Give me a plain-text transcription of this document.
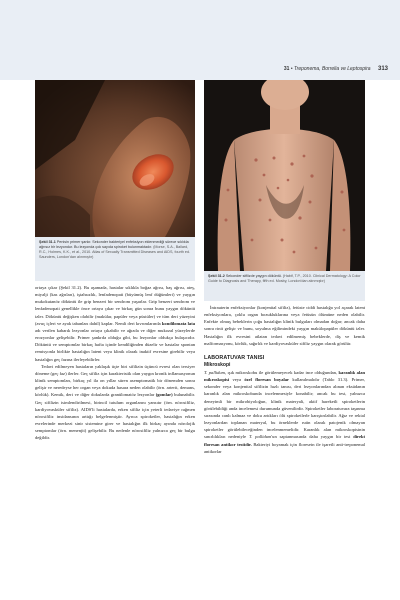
31 • Treponema, Borrelia ve Leptospira 313
Şekil 31.1 Penisin primer şankr. Sekonder bakteriyel enfeksiyon eklenmediği sürece sıklıkla ağrısız bir lezyondur. Bu lezyonda çok sayıda spiroket bulunmaktadır. (Morse, S.A., Ballard, R.C., Holmes, K.K., et al., 2010. Atlas of Sexually Transmitted Diseases and AIDS, fourth ed. Saunders, London'dan alınmıştır)
Şekil 31.2 Sekonder sifilizde yaygın döküntü. (Habif, T.P., 2010. Clinical Dermatology: A Color Guide to Diagnosis and Therapy, fifth ed. Mosby, London'dan alınmıştır)

ortaya çıkar (Şekil 31.2). Bu aşamada, hastalar sıklıkla boğaz ağrısı, baş ağrısı, ateş, miyalji (kas ağrıları), iştahsızlık, lenfadenopati (büyümüş lenf düğümleri) ve yaygın mukokutanöz döküntü ile grip benzeri bir sendrom yaşarlar. Grip benzeri sendrom ve lenfadenopati genellikle önce ortaya çıkar ve birkaç gün sonra bunu yaygın döküntü izler. Döküntü değişken olabilir (makülar, papüler veya püstüler) ve tüm deri yüzeyini (avuç içleri ve ayak tabanları dahil) kaplar. Nemli deri kıvrımlarında kondilomata lata adı verilen kabarık lezyonlar ortaya çıkabilir ve ağızda ve diğer mukozal yüzeylerde erozyonlar gelişebilir. Primer şankrda olduğu gibi, bu lezyonlar oldukça bulaşıcıdır. Döküntü ve semptomlar birkaç hafta içinde kendiliğinden düzelir ve hastalar spontan remisyonla birlikte hastalığın latent veya klinik olarak inaktif evresine girebilir veya hastalığın geç fazına ilerleyebilirler.

Tedavi edilmeyen hastaların yaklaşık üçte biri sifilizin üçüncü evresi olan tersiyer döneme (geç faz) ilerler. Geç sifiliz için karakteristik olan yaygın kronik inflamasyonun klinik semptomları, birkaç yıl ila on yıllar süren asemptomatik bir dönemden sonra gelişir ve neredeyse her organ veya dokuda hasara neden olabilir (örn. arterit, demans, körlük). Kemik, deri ve diğer dokularda granülomatöz lezyonlar (gomlar) bulunabilir. Geç sifilizin isimlendirilmesi, birincil tutulum organlarını yansıtır (örn. nörosifiliz, kardiyovasküler sifiliz). AIDS'li hastalarda, erken sifiliz için yeterli tedaviye rağmen nörosifiliz insidansının arttığı belgelenmiştir. Ayrıca spiroketler, hastalığın erken evrelerinde merkezi sinir sistemine girer ve hastalığın ilk birkaç ayında nörolojik semptomlar (örn. menenjit) gelişebilir. Bu nedenle nörosifiliz yalnızca geç bir bulgu değildir.

İntrauterin enfeksiyonlar (konjenital sifiliz), fetüste ciddi hastalığa yol açarak latent enfeksiyonlara, çoklu organ bozukluklarına veya fetüsün ölümüne neden olabilir. Enfekte olmuş bebeklerin çoğu hastalığın klinik bulguları olmadan doğar; ancak daha sonra rinit gelişir ve bunu, soyulma eğilimindeki yaygın makülopapüler döküntü izler. Hastalığın ilk evresini atlatan tedavi edilmemiş bebeklerde, diş ve kemik malformasyonu, körlük, sağırlık ve kardiyovasküler sifiliz yaygın olarak görülür.

LABORATUVAR TANISI
Mikroskopi

T. pallidum, ışık mikroskobu ile görülemeyecek kadar ince olduğundan, karanlık alan mikroskopisi veya özel floresan boyalar kullanılmalıdır (Tablo 31.3). Primer, sekonder veya konjenital sifilizin hızlı tanısı, deri lezyonlarından alınan eksüdanın karanlık alan mikroskobunda incelenmesiyle konabilir; ancak bu test, yalnızca deneyimli bir mikrobiyoloğun, klinik materyali, aktif hareketli spiroketlerin görülebildiği anda incelemesi durumunda güvenilirdir. Spiroketler laboratuvara taşınma sırasında canlı kalmaz ve doku artıkları ölü spiroketlerle karıştırılabilir. Ağız ve rektal lezyonlardan toplanan materyal, bu örneklerde rutin olarak patojenik olmayan spiroketler görülebileceğinden incelenmemelidir. Karanlık alan mikroskopisinin sınırlılıkları nedeniyle T. pallidum'un saptanmasında daha yaygın bir test direkt floresan antikor testidir. Bakteriyi boyamak için floresein ile işaretli anti-treponemal antikorlar
